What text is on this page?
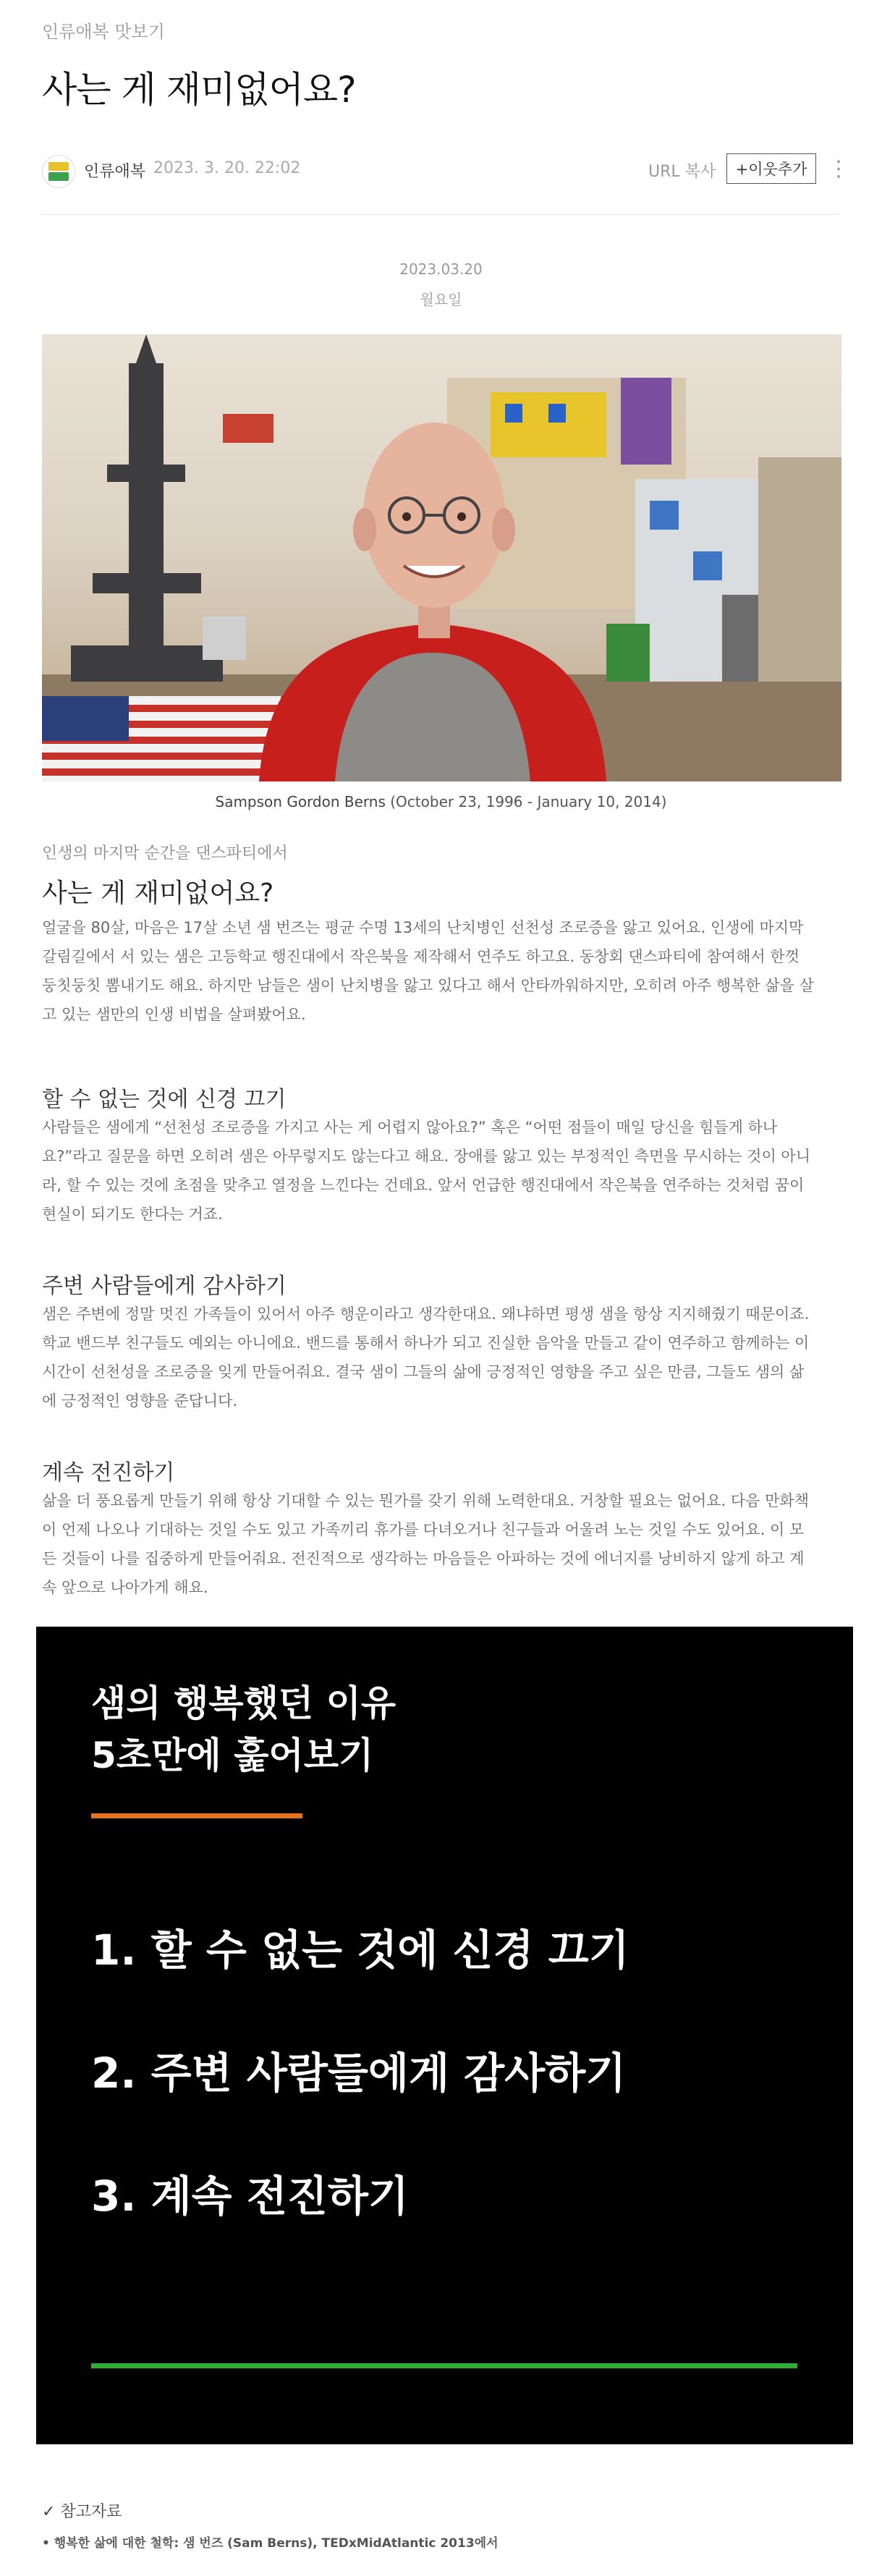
인류애복 맛보기
사는 게 재미없어요?
인류애복 2023. 3. 20. 22:02	URL 복사	+이웃추가 ⋮
2023.03.20
월요일
Sampson Gordon Berns (October 23, 1996 - January 10, 2014)
인생의 마지막 순간을 댄스파티에서
사는 게 재미없어요?
얼굴을 80살, 마음은 17살 소년 샘 번즈는 평균 수명 13세의 난치병인 선천성 조로증을 앓고 있어요. 인생에 마지막
갈림길에서 서 있는 샘은 고등학교 행진대에서 작은북을 제작해서 연주도 하고요. 동창회 댄스파티에 참여해서 한껏
둥칫둥칫 뽐내기도 해요. 하지만 남들은 샘이 난치병을 앓고 있다고 해서 안타까워하지만, 오히려 아주 행복한 삶을 살
고 있는 샘만의 인생 비법을 살펴봤어요.
할 수 없는 것에 신경 끄기
사람들은 샘에게 “선천성 조로증을 가지고 사는 게 어렵지 않아요?” 혹은 “어떤 점들이 매일 당신을 힘들게 하나
요?”라고 질문을 하면 오히려 샘은 아무렇지도 않는다고 해요. 장애를 앓고 있는 부정적인 측면을 무시하는 것이 아니
라, 할 수 있는 것에 초점을 맞추고 열정을 느낀다는 건데요. 앞서 언급한 행진대에서 작은북을 연주하는 것처럼 꿈이
현실이 되기도 한다는 거죠.
주변 사람들에게 감사하기
샘은 주변에 정말 멋진 가족들이 있어서 아주 행운이라고 생각한대요. 왜냐하면 평생 샘을 항상 지지해줬기 때문이죠.
학교 밴드부 친구들도 예외는 아니에요. 밴드를 통해서 하나가 되고 진실한 음악을 만들고 같이 연주하고 함께하는 이
시간이 선천성을 조로증을 잊게 만들어줘요. 결국 샘이 그들의 삶에 긍정적인 영향을 주고 싶은 만큼, 그들도 샘의 삶
에 긍정적인 영향을 준답니다.
계속 전진하기
삶을 더 풍요롭게 만들기 위해 항상 기대할 수 있는 뭔가를 갖기 위해 노력한대요. 거창할 필요는 없어요. 다음 만화책
이 언제 나오나 기대하는 것일 수도 있고 가족끼리 휴가를 다녀오거나 친구들과 어울려 노는 것일 수도 있어요. 이 모
든 것들이 나를 집중하게 만들어줘요. 전진적으로 생각하는 마음들은 아파하는 것에 에너지를 낭비하지 않게 하고 계
속 앞으로 나아가게 해요.
샘의 행복했던 이유
5초만에 훑어보기
1. 할 수 없는 것에 신경 끄기
2. 주변 사람들에게 감사하기
3. 계속 전진하기
✓ 참고자료
• 행복한 삶에 대한 철학: 샘 번즈 (Sam Berns), TEDxMidAtlantic 2013에서
